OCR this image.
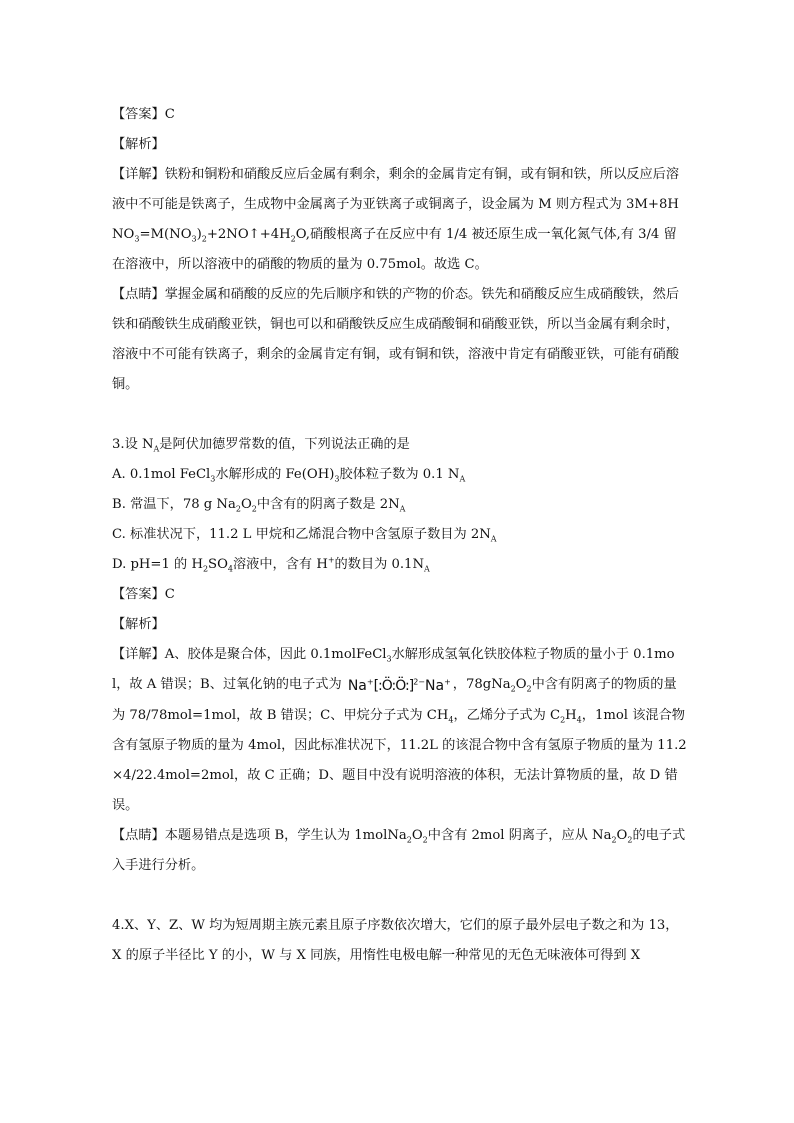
【答案】C

【解析】

【详解】铁粉和铜粉和硝酸反应后金属有剩余，剩余的金属肯定有铜，或有铜和铁，所以反应后溶液中不可能是铁离子，生成物中金属离子为亚铁离子或铜离子，设金属为 M 则方程式为 $3M+8HNO_3=M(NO_3)_2+2NO↑+4H_2O$,硝酸根离子在反应中有 1/4 被还原生成一氧化氮气体,有 3/4 留在溶液中，所以溶液中的硝酸的物质的量为 0.75mol。故选 C。

【点睛】掌握金属和硝酸的反应的先后顺序和铁的产物的价态。铁先和硝酸反应生成硝酸铁，然后铁和硝酸铁生成硝酸亚铁，铜也可以和硝酸铁反应生成硝酸铜和硝酸亚铁，所以当金属有剩余时，溶液中不可能有铁离子，剩余的金属肯定有铜，或有铜和铁，溶液中肯定有硝酸亚铁，可能有硝酸铜。

3.设 $N_A$是阿伏加德罗常数的值，下列说法正确的是

A. 0.1mol FeCl$_3$水解形成的 $Fe(OH)_3$胶体粒子数为 0.1 $N_A$

B. 常温下，78 g $Na_2O_2$中含有的阴离子数是 $2N_A$

C. 标准状况下，11.2 L 甲烷和乙烯混合物中含氢原子数目为 $2N_A$

D. pH=1 的 $H_2SO_4$溶液中，含有 H+的数目为 $0.1N_A$

【答案】C

【解析】

【详解】A、胶体是聚合体，因此 0.1molFeCl$_3$水解形成氢氧化铁胶体粒子物质的量小于 0.1mol，故 A 错误；B、过氧化钠的电子式为 Na+[:Ö:Ö:]$^{2-}$Na+ ，$78gNa_2O_2$中含有阴离子的物质的量为 78/78mol=1mol，故 B 错误；C、甲烷分子式为 $CH_4$，乙烯分子式为 $C_2H_4$，1mol 该混合物含有氢原子物质的量为 4mol，因此标准状况下，11.2L 的该混合物中含有氢原子物质的量为 11.2×4/22.4mol=2mol，故 C 正确；D、题目中没有说明溶液的体积，无法计算物质的量，故 D 错误。

【点睛】本题易错点是选项 B，学生认为 $1molNa_2O_2$中含有 2mol 阴离子，应从 $Na_2O_2$的电子式入手进行分析。

4.X、Y、Z、W 均为短周期主族元素且原子序数依次增大，它们的原子最外层电子数之和为 13，X 的原子半径比 Y 的小，W 与 X 同族，用惰性电极电解一种常见的无色无味液体可得到 X
